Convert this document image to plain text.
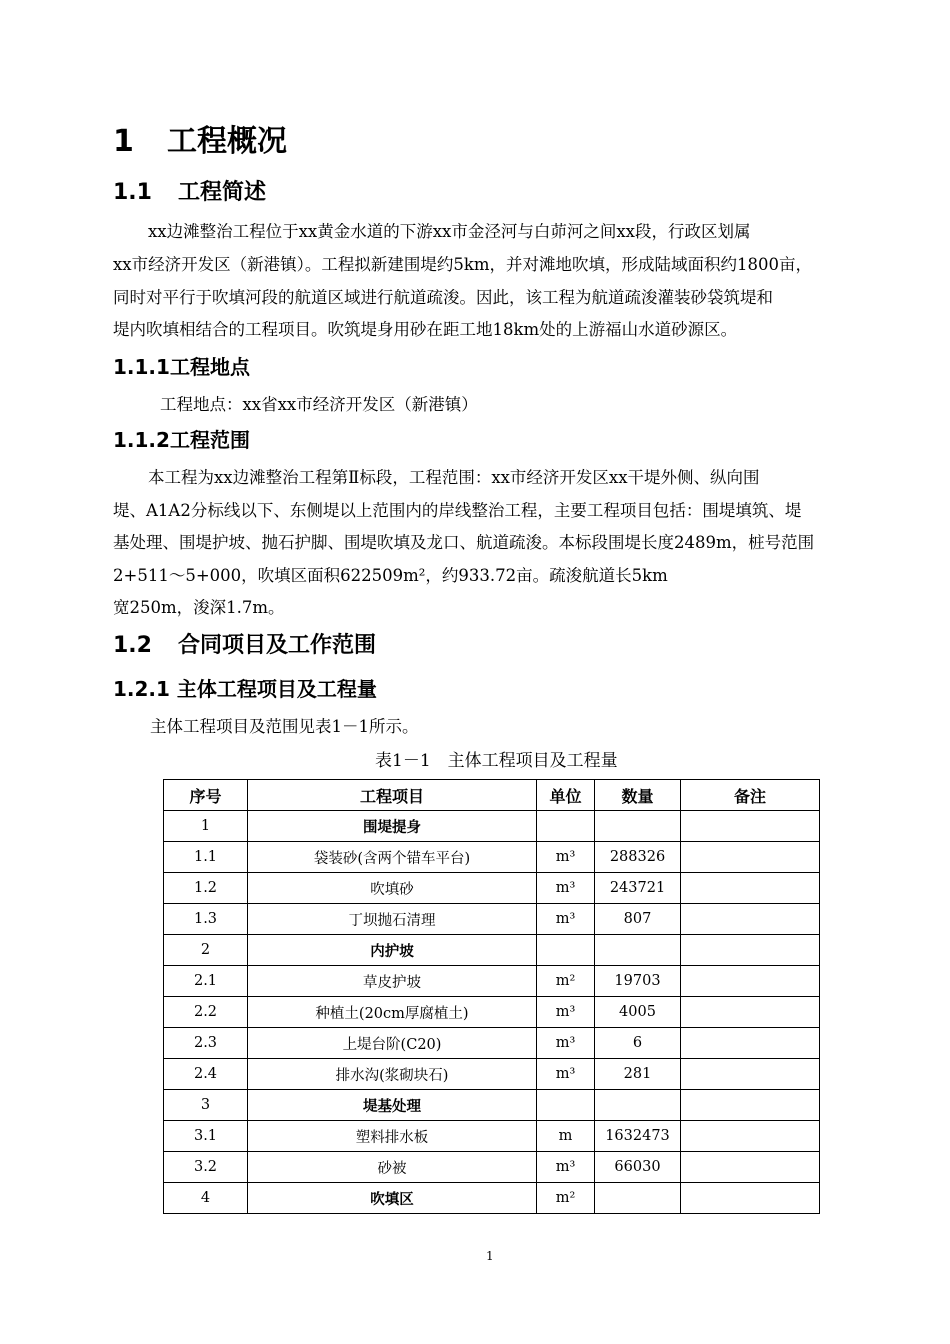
1 工程概况
1.1 工程简述
xx边滩整治工程位于xx黄金水道的下游xx市金泾河与白茆河之间xx段，行政区划属
xx市经济开发区（新港镇）。工程拟新建围堤约5km，并对滩地吹填，形成陆域面积约1800亩，
同时对平行于吹填河段的航道区域进行航道疏浚。因此，该工程为航道疏浚灌装砂袋筑堤和
堤内吹填相结合的工程项目。吹筑堤身用砂在距工地18km处的上游福山水道砂源区。
1.1.1工程地点
工程地点：xx省xx市经济开发区（新港镇）
1.1.2工程范围
本工程为xx边滩整治工程第Ⅱ标段，工程范围：xx市经济开发区xx干堤外侧、纵向围
堤、A1A2分标线以下、东侧堤以上范围内的岸线整治工程，主要工程项目包括：围堤填筑、堤
基处理、围堤护坡、抛石护脚、围堤吹填及龙口、航道疏浚。本标段围堤长度2489m，桩号范围
2+511～5+000，吹填区面积622509m²，约933.72亩。疏浚航道长5km
宽250m，浚深1.7m。
1.2 合同项目及工作范围
1.2.1 主体工程项目及工程量
主体工程项目及范围见表1－1所示。
表1－1　主体工程项目及工程量
序号	工程项目	单位	数量	备注
1	围堤提身			
1.1	袋装砂(含两个错车平台)	m³	288326	
1.2	吹填砂	m³	243721	
1.3	丁坝抛石清理	m³	807	
2	内护坡			
2.1	草皮护坡	m²	19703	
2.2	种植土(20cm厚腐植土)	m³	4005	
2.3	上堤台阶(C20)	m³	6	
2.4	排水沟(浆砌块石)	m³	281	
3	堤基处理			
3.1	塑料排水板	m	1632473	
3.2	砂被	m³	66030	
4	吹填区	m²		
1
